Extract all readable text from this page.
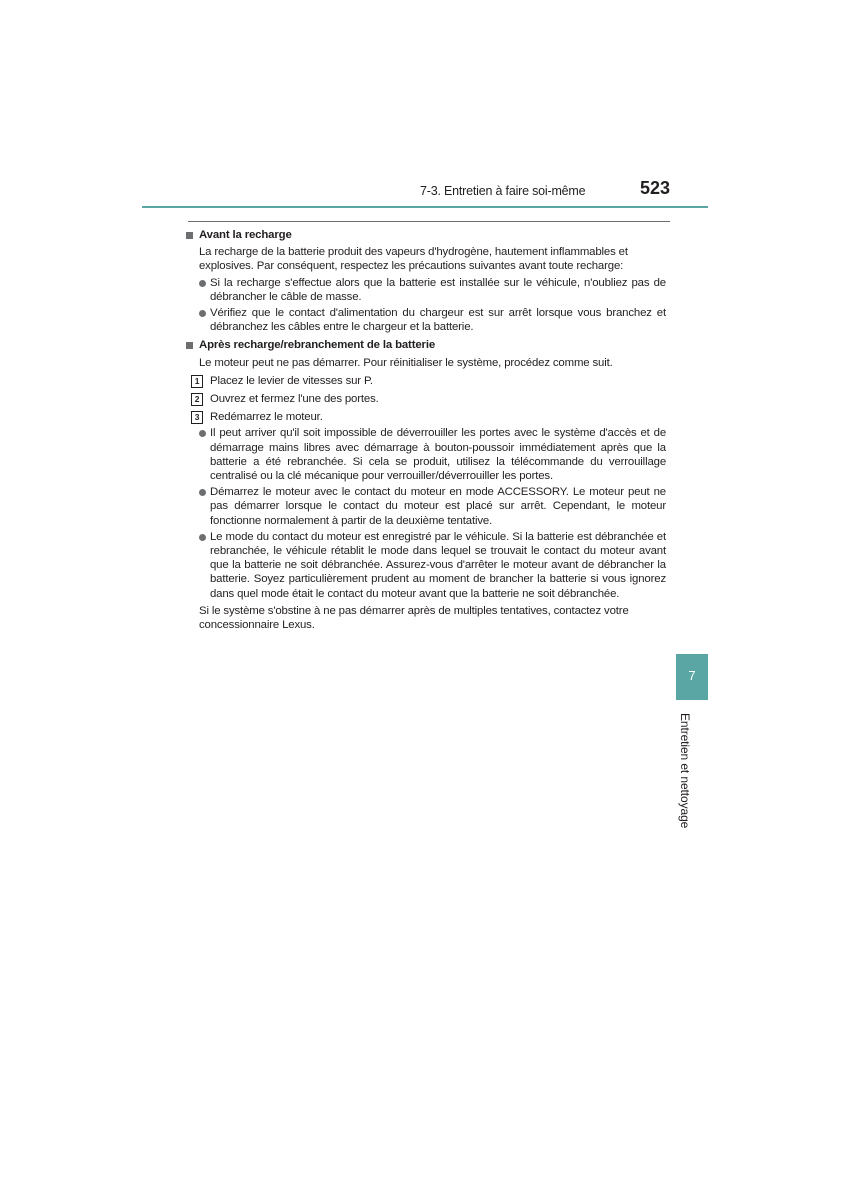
7-3. Entretien à faire soi-même	523
Avant la recharge
La recharge de la batterie produit des vapeurs d'hydrogène, hautement inflammables et explosives. Par conséquent, respectez les précautions suivantes avant toute recharge:
Si la recharge s'effectue alors que la batterie est installée sur le véhicule, n'oubliez pas de débrancher le câble de masse.
Vérifiez que le contact d'alimentation du chargeur est sur arrêt lorsque vous branchez et débranchez les câbles entre le chargeur et la batterie.
Après recharge/rebranchement de la batterie
Le moteur peut ne pas démarrer. Pour réinitialiser le système, procédez comme suit.
1 Placez le levier de vitesses sur P.
2 Ouvrez et fermez l'une des portes.
3 Redémarrez le moteur.
Il peut arriver qu'il soit impossible de déverrouiller les portes avec le système d'accès et de démarrage mains libres avec démarrage à bouton-poussoir immédiatement après que la batterie a été rebranchée. Si cela se produit, utilisez la télécommande du verrouillage centralisé ou la clé mécanique pour verrouiller/déverrouiller les portes.
Démarrez le moteur avec le contact du moteur en mode ACCESSORY. Le moteur peut ne pas démarrer lorsque le contact du moteur est placé sur arrêt. Cependant, le moteur fonctionne normalement à partir de la deuxième tentative.
Le mode du contact du moteur est enregistré par le véhicule. Si la batterie est débranchée et rebranchée, le véhicule rétablit le mode dans lequel se trouvait le contact du moteur avant que la batterie ne soit débranchée. Assurez-vous d'arrêter le moteur avant de débrancher la batterie. Soyez particulièrement prudent au moment de brancher la batterie si vous ignorez dans quel mode était le contact du moteur avant que la batterie ne soit débranchée.
Si le système s'obstine à ne pas démarrer après de multiples tentatives, contactez votre concessionnaire Lexus.
7
Entretien et nettoyage
